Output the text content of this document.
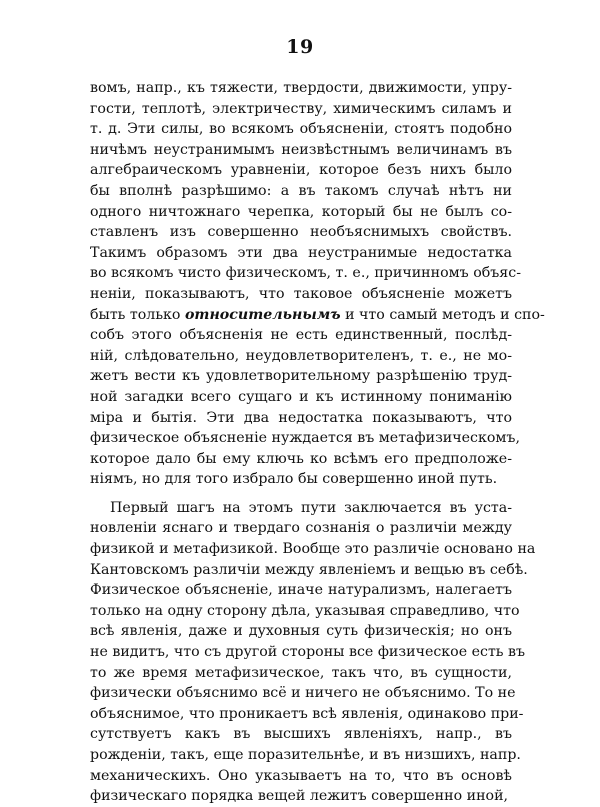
19
вомъ, напр., къ тяжести, твердости, движимости, упру-
гости, теплотѣ, электричеству, химическимъ силамъ и
т. д. Эти силы, во всякомъ объясненіи, стоятъ подобно
ничѣмъ неустранимымъ неизвѣстнымъ величинамъ въ
алгебраическомъ уравненіи, которое безъ нихъ было
бы вполнѣ разрѣшимо: а въ такомъ случаѣ нѣтъ ни
одного ничтожнаго черепка, который бы не былъ со-
ставленъ изъ совершенно необъяснимыхъ свойствъ.
Такимъ образомъ эти два неустранимые недостатка
во всякомъ чисто физическомъ, т. е., причинномъ объяс-
неніи, показываютъ, что таковое объясненіе можетъ
быть только относительнымъ и что самый методъ и спо-
собъ этого объясненія не есть единственный, послѣд-
ній, слѣдовательно, неудовлетворителенъ, т. е., не мо-
жетъ вести къ удовлетворительному разрѣшенію труд-
ной загадки всего сущаго и къ истинному пониманію
міра и бытія. Эти два недостатка показываютъ, что
физическое объясненіе нуждается въ метафизическомъ,
которое дало бы ему ключь ко всѣмъ его предположе-
ніямъ, но для того избрало бы совершенно иной путь.
Первый шагъ на этомъ пути заключается въ уста-
новленіи яснаго и твердаго сознанія о различіи между
физикой и метафизикой. Вообще это различіе основано на
Кантовскомъ различіи между явленіемъ и вещью въ себѣ.
Физическое объясненіе, иначе натурализмъ, налегаетъ
только на одну сторону дѣла, указывая справедливо, что
всѣ явленія, даже и духовныя суть физическія; но онъ
не видитъ, что съ другой стороны все физическое есть въ
то же время метафизическое, такъ что, въ сущности,
физически объяснимо всё и ничего не объяснимо. То не
объяснимое, что проникаетъ всѣ явленія, одинаково при-
сутствуетъ какъ въ высшихъ явленіяхъ, напр., въ
рожденіи, такъ, еще поразительнѣе, и въ низшихъ, напр.
механическихъ. Оно указываетъ на то, что въ основѣ
физическаго порядка вещей лежитъ совершенно иной,
